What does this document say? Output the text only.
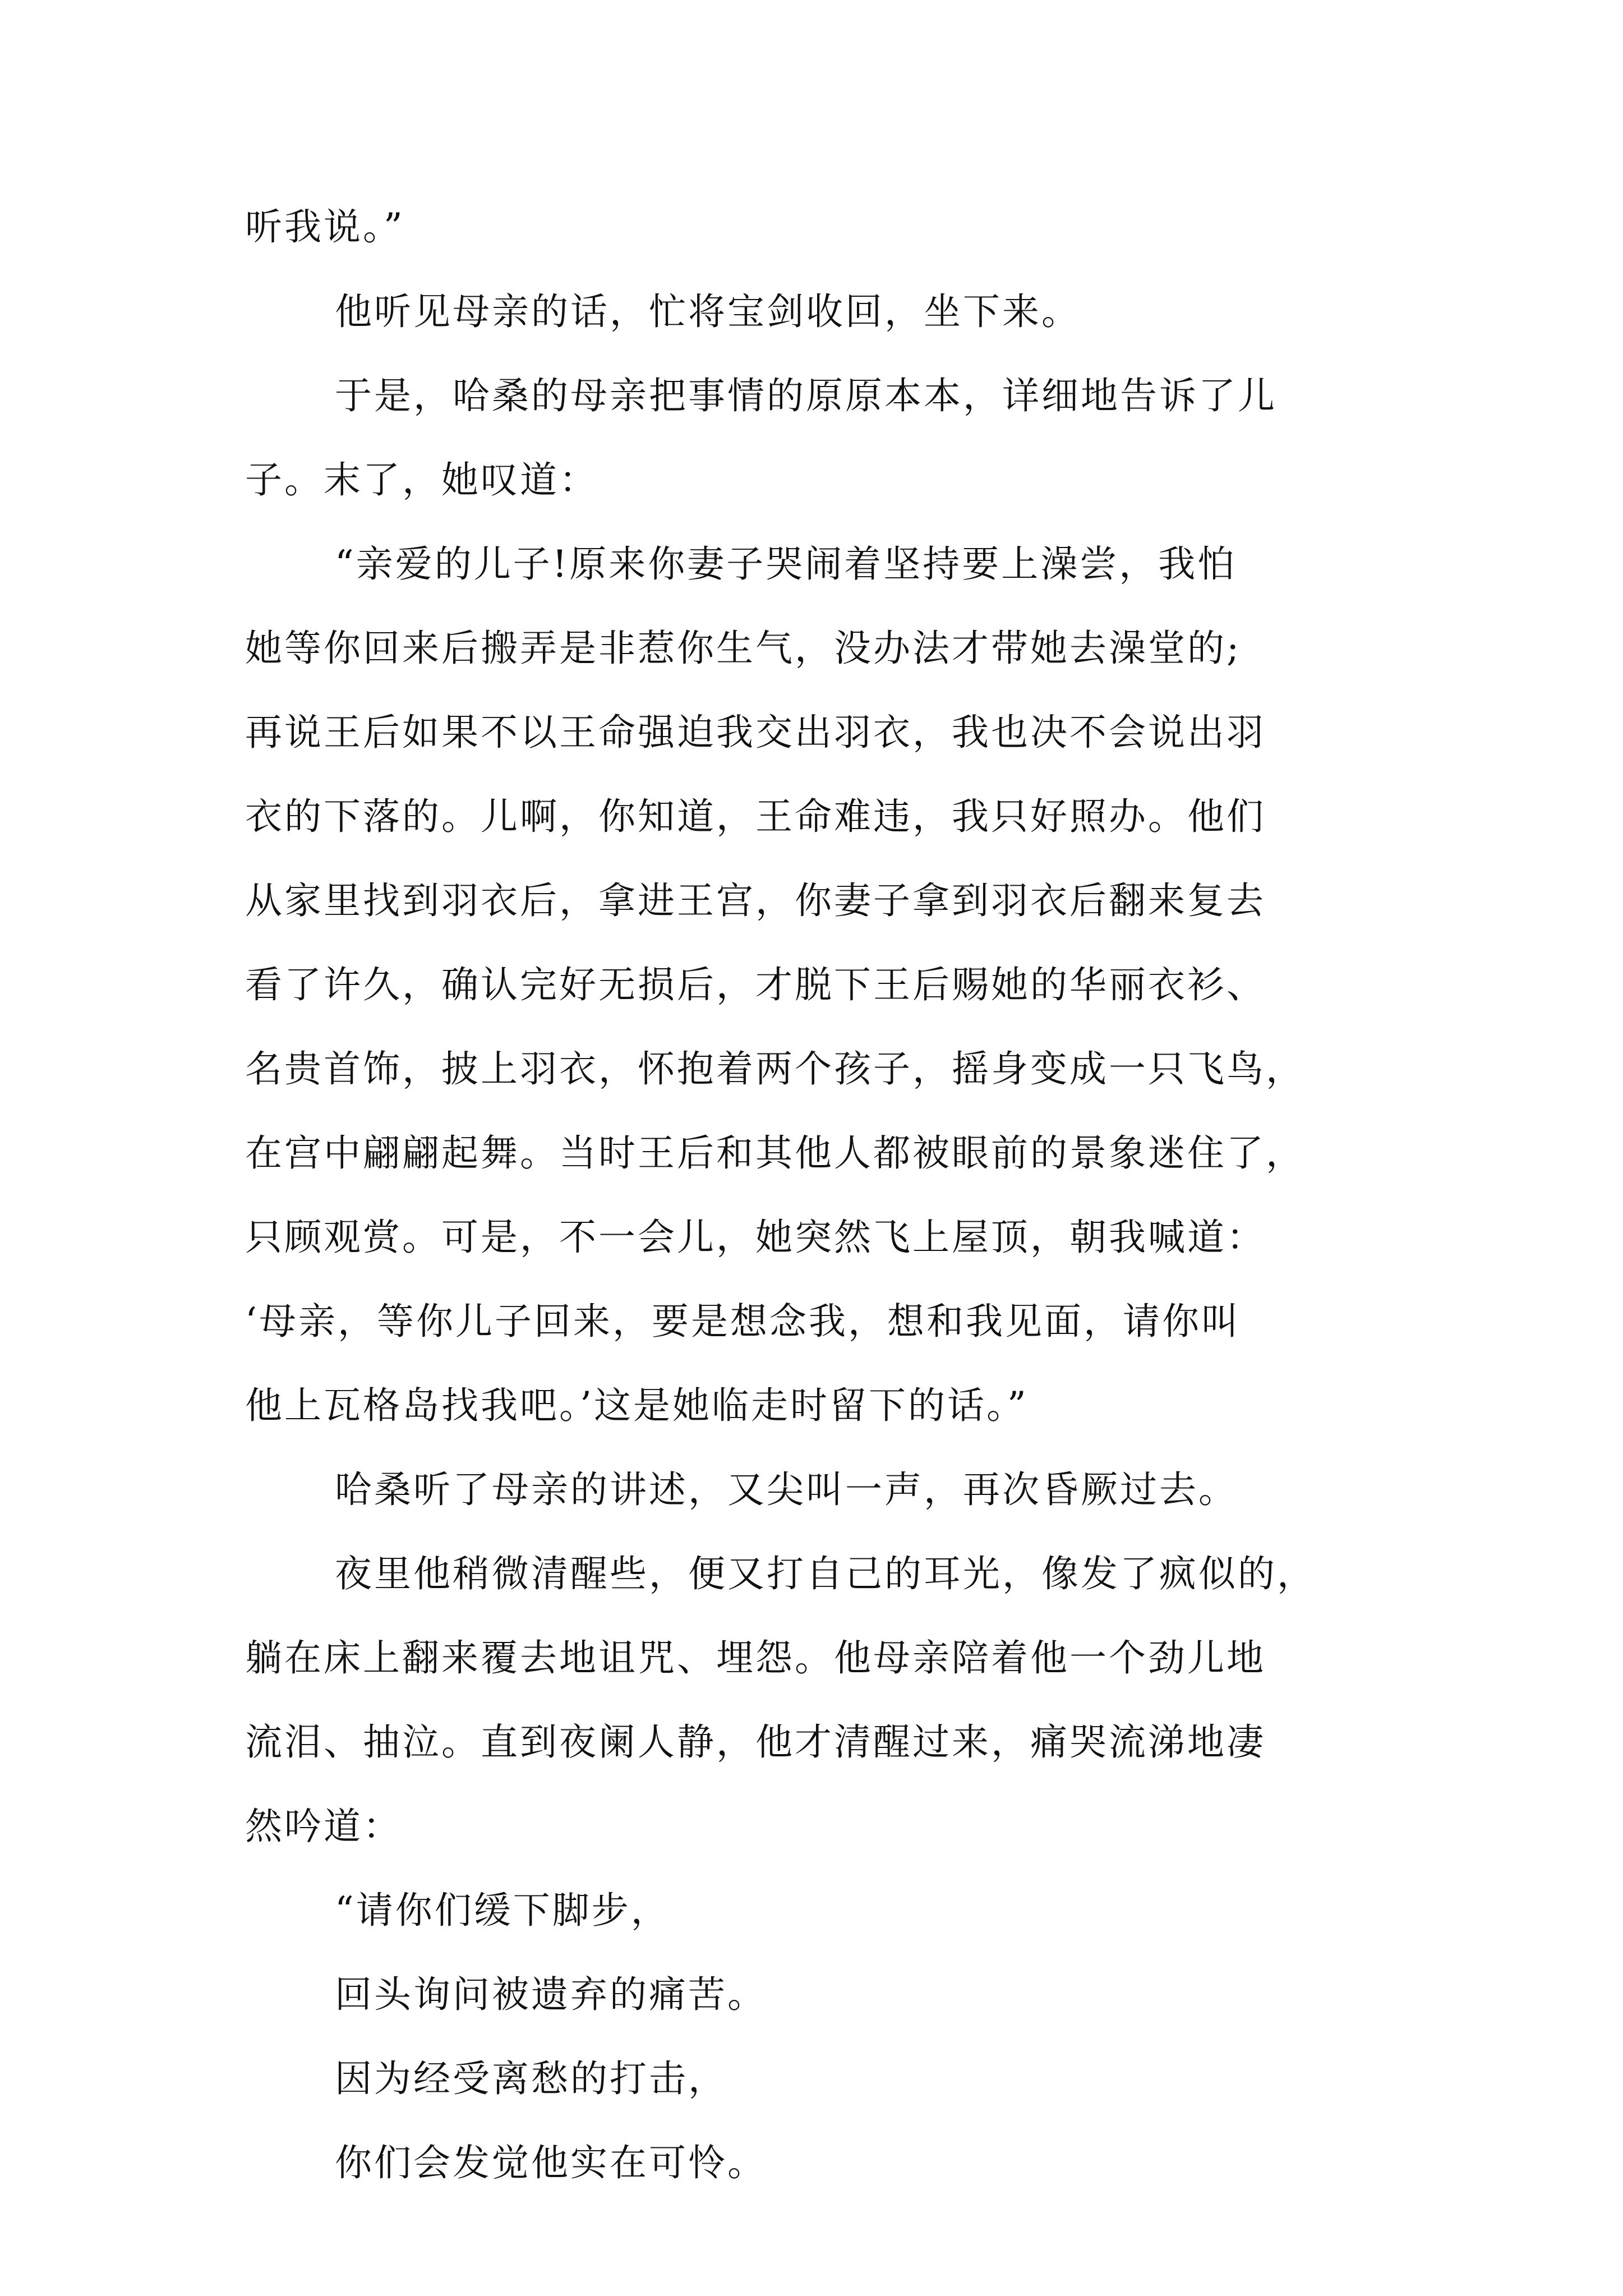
听我说。”
他听见母亲的话，忙将宝剑收回，坐下来。
于是，哈桑的母亲把事情的原原本本，详细地告诉了儿
子。末了，她叹道：
“亲爱的儿子!原来你妻子哭闹着坚持要上澡尝，我怕
她等你回来后搬弄是非惹你生气，没办法才带她去澡堂的;
再说王后如果不以王命强迫我交出羽衣，我也决不会说出羽
衣的下落的。儿啊，你知道，王命难违，我只好照办。他们
从家里找到羽衣后，拿进王宫，你妻子拿到羽衣后翻来复去
看了许久，确认完好无损后，才脱下王后赐她的华丽衣衫、
名贵首饰，披上羽衣，怀抱着两个孩子，摇身变成一只飞鸟，
在宫中翩翩起舞。当时王后和其他人都被眼前的景象迷住了，
只顾观赏。可是，不一会儿，她突然飞上屋顶，朝我喊道：
‘母亲，等你儿子回来，要是想念我，想和我见面，请你叫
他上瓦格岛找我吧。’这是她临走时留下的话。”
哈桑听了母亲的讲述，又尖叫一声，再次昏厥过去。
夜里他稍微清醒些，便又打自己的耳光，像发了疯似的，
躺在床上翻来覆去地诅咒、埋怨。他母亲陪着他一个劲儿地
流泪、抽泣。直到夜阑人静，他才清醒过来，痛哭流涕地凄
然吟道：
“请你们缓下脚步，
回头询问被遗弃的痛苦。
因为经受离愁的打击，
你们会发觉他实在可怜。
